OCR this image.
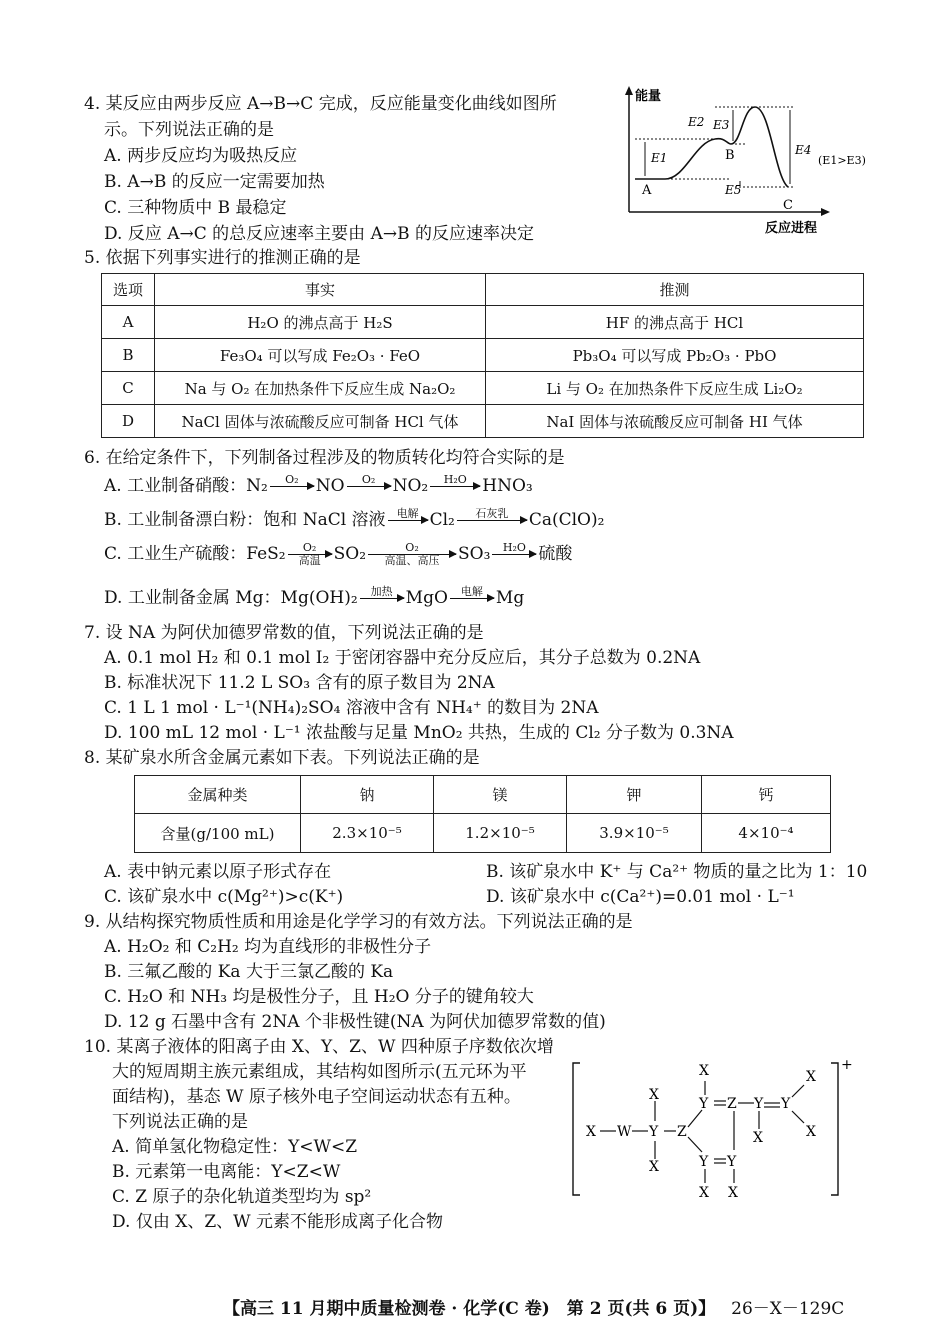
4. 某反应由两步反应 A→B→C 完成，反应能量变化曲线如图所
示。下列说法正确的是
A. 两步反应均为吸热反应
B. A→B 的反应一定需要加热
C. 三种物质中 B 最稳定
D. 反应 A→C 的总反应速率主要由 A→B 的反应速率决定
能量
反应进程
E1
E2 E3
E4
E5
A
B
C
(E1>E3)
5. 依据下列事实进行的推测正确的是
选项	事实	推测
A	H₂O 的沸点高于 H₂S	HF 的沸点高于 HCl
B	Fe₃O₄ 可以写成 Fe₂O₃ · FeO	Pb₃O₄ 可以写成 Pb₂O₃ · PbO
C	Na 与 O₂ 在加热条件下反应生成 Na₂O₂	Li 与 O₂ 在加热条件下反应生成 Li₂O₂
D	NaCl 固体与浓硫酸反应可制备 HCl 气体	NaI 固体与浓硫酸反应可制备 HI 气体
6. 在给定条件下，下列制备过程涉及的物质转化均符合实际的是
A. 工业制备硝酸：N₂	O₂	NO	O₂	NO₂	H₂O HNO₃
B. 工业制备漂白粉：饱和 NaCl 溶液	电解 Cl₂	石灰乳	Ca(ClO)₂
C. 工业生产硫酸：FeS₂	O₂
高温 SO₂	O₂
高温、高压	SO₃	H₂O 硫酸
D. 工业制备金属 Mg：Mg(OH)₂	加热 MgO	电解 Mg
7. 设 NA 为阿伏加德罗常数的值，下列说法正确的是
A. 0.1 mol H₂ 和 0.1 mol I₂ 于密闭容器中充分反应后，其分子总数为 0.2NA
B. 标准状况下 11.2 L SO₃ 含有的原子数目为 2NA
C. 1 L 1 mol · L⁻¹(NH₄)₂SO₄ 溶液中含有 NH₄⁺ 的数目为 2NA
D. 100 mL 12 mol · L⁻¹ 浓盐酸与足量 MnO₂ 共热，生成的 Cl₂ 分子数为 0.3NA
8. 某矿泉水所含金属元素如下表。下列说法正确的是
金属种类	钠	镁	钾	钙
含量(g/100 mL)	2.3×10⁻⁵	1.2×10⁻⁵	3.9×10⁻⁵	4×10⁻⁴
A. 表中钠元素以原子形式存在	B. 该矿泉水中 K⁺ 与 Ca²⁺ 物质的量之比为 1：10
C. 该矿泉水中 c(Mg²⁺)>c(K⁺)	D. 该矿泉水中 c(Ca²⁺)=0.01 mol · L⁻¹
9. 从结构探究物质性质和用途是化学学习的有效方法。下列说法正确的是
A. H₂O₂ 和 C₂H₂ 均为直线形的非极性分子
B. 三氟乙酸的 Ka 大于三氯乙酸的 Ka
C. H₂O 和 NH₃ 均是极性分子，且 H₂O 分子的键角较大
D. 12 g 石墨中含有 2NA 个非极性键(NA 为阿伏加德罗常数的值)
10. 某离子液体的阳离子由 X、Y、Z、W 四种原子序数依次增
大的短周期主族元素组成，其结构如图所示(五元环为平
面结构)，基态 W 原子核外电子空间运动状态有五种。
下列说法正确的是
A. 简单氢化物稳定性：Y<W<Z
B. 元素第一电离能：Y<Z<W
C. Z 原子的杂化轨道类型均为 sp²
D. 仅由 X、Z、W 元素不能形成离子化合物
+
X W Y Z
X
X
X
Y Z Y Y
X
X
X
Y Y
X X
【高三 11 月期中质量检测卷 · 化学(C 卷)　第 2 页(共 6 页)】 26－X－129C
